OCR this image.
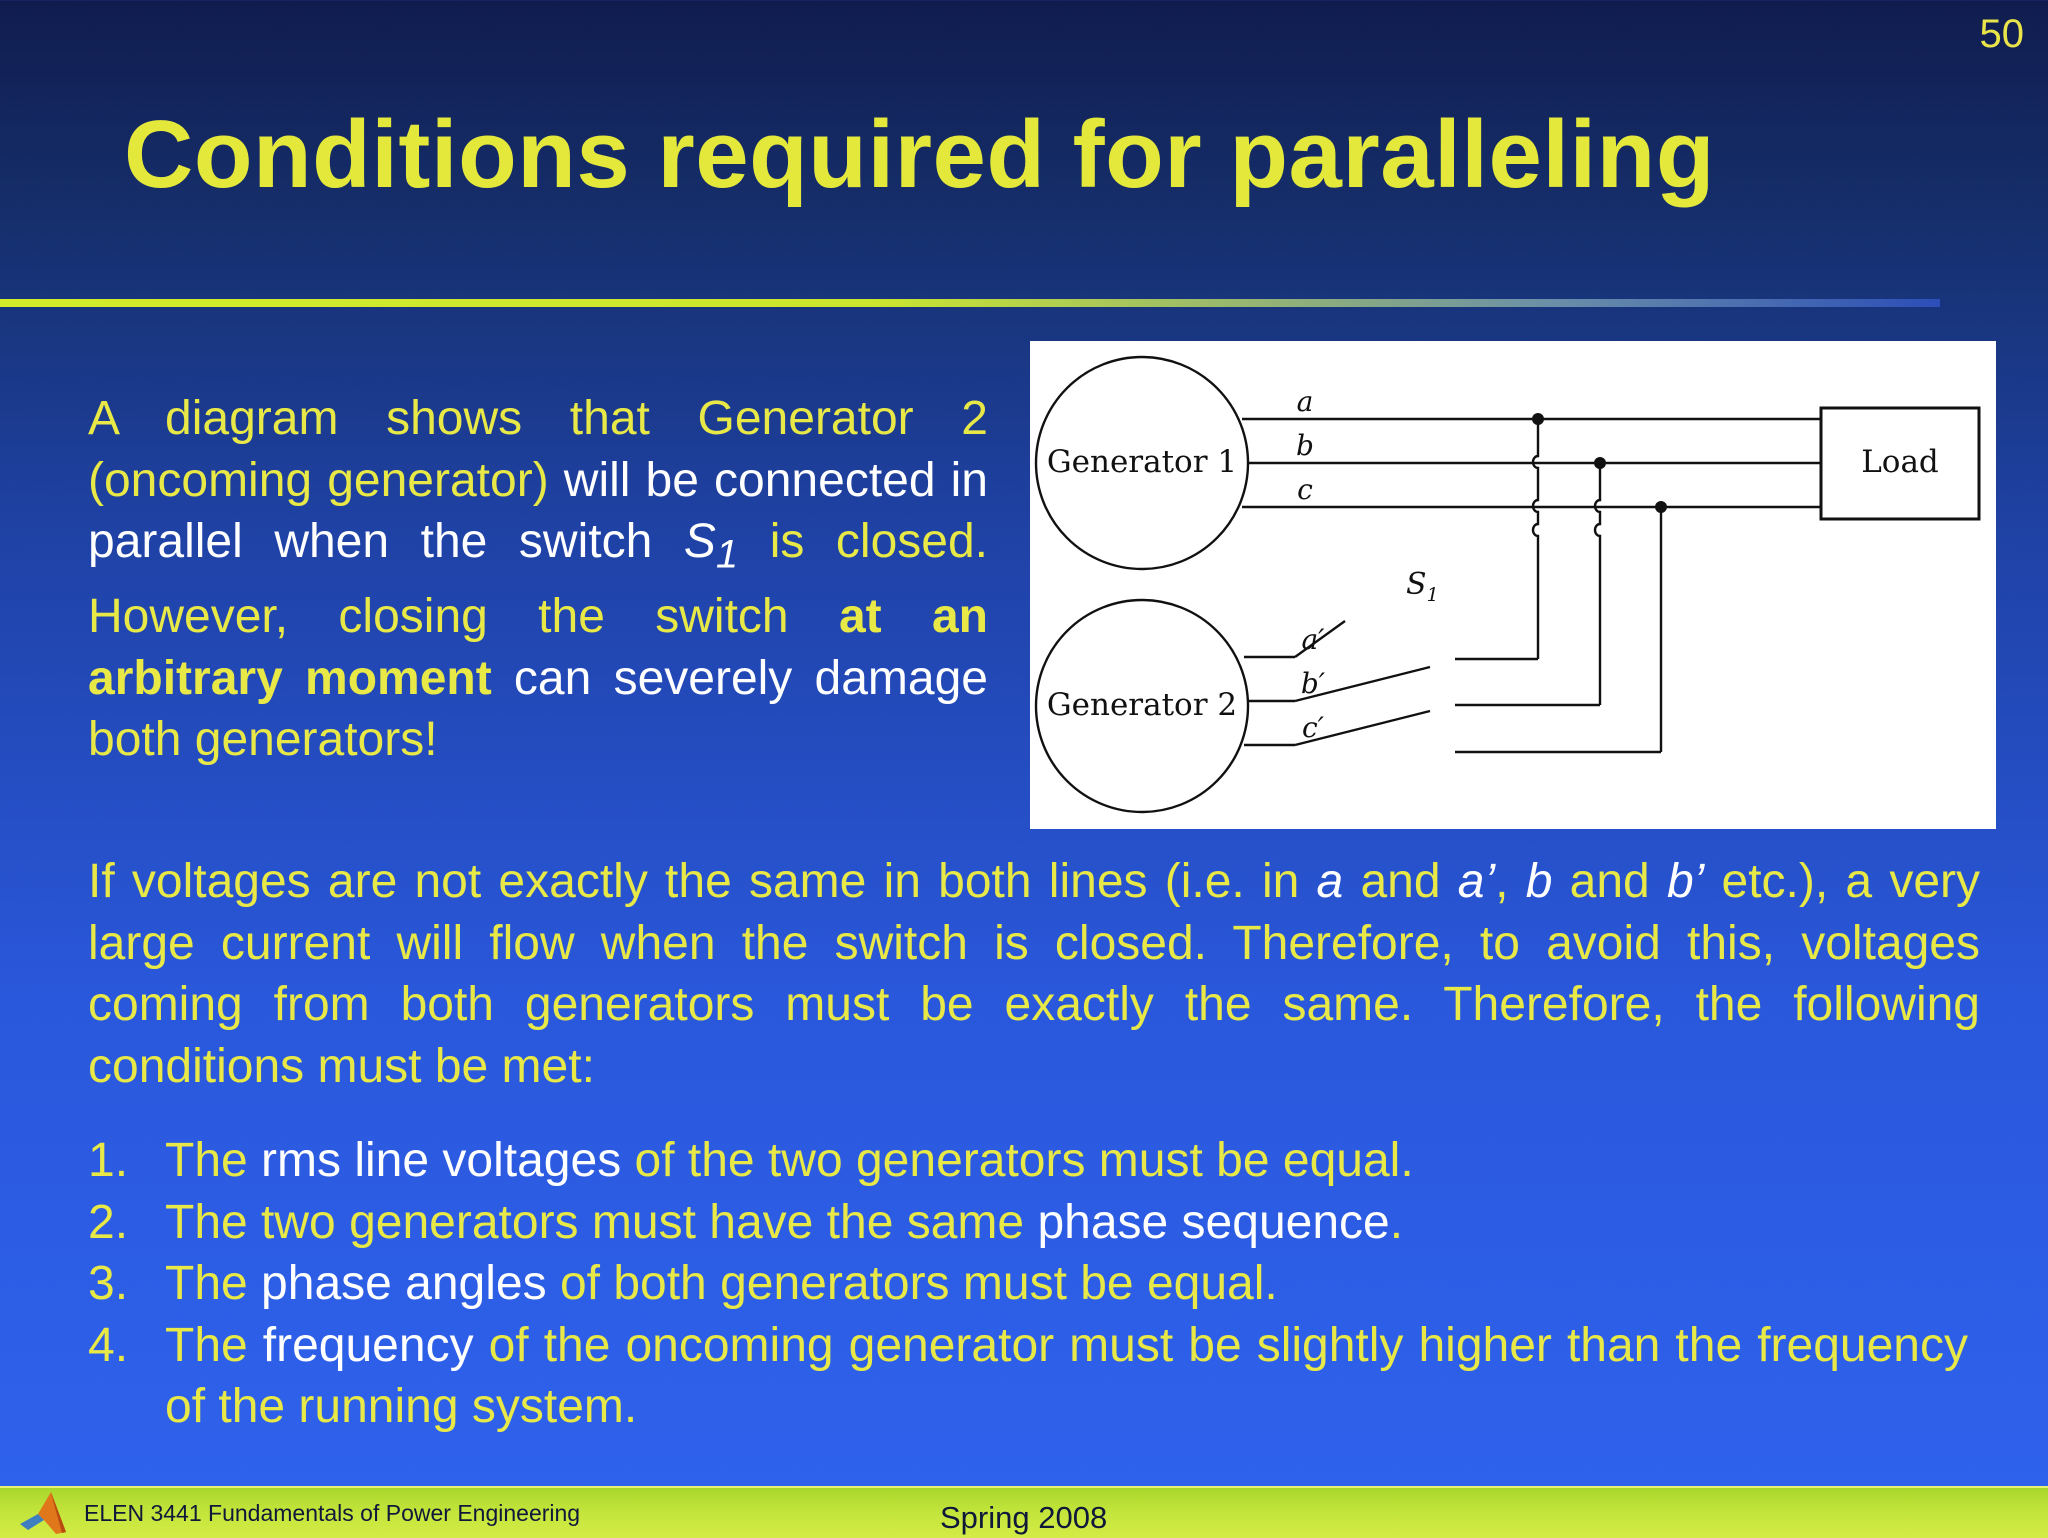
50
Conditions required for paralleling

A diagram shows that Generator 2 (oncoming generator) will be connected in parallel when the switch $S_1$ is closed. However, closing the switch at an arbitrary moment can severely damage both generators!

Generator 1
Generator 2
Load
a
b
c
a′
b′
c′
$S_1$

If voltages are not exactly the same in both lines (i.e. in a and a’, b and b’ etc.), a very large current will flow when the switch is closed. Therefore, to avoid this, voltages coming from both generators must be exactly the same. Therefore, the following conditions must be met:

1. The rms line voltages of the two generators must be equal.
2. The two generators must have the same phase sequence.
3. The phase angles of both generators must be equal.
4. The frequency of the oncoming generator must be slightly higher than the frequency of the running system.
ELEN 3441 Fundamentals of Power Engineering	Spring 2008
